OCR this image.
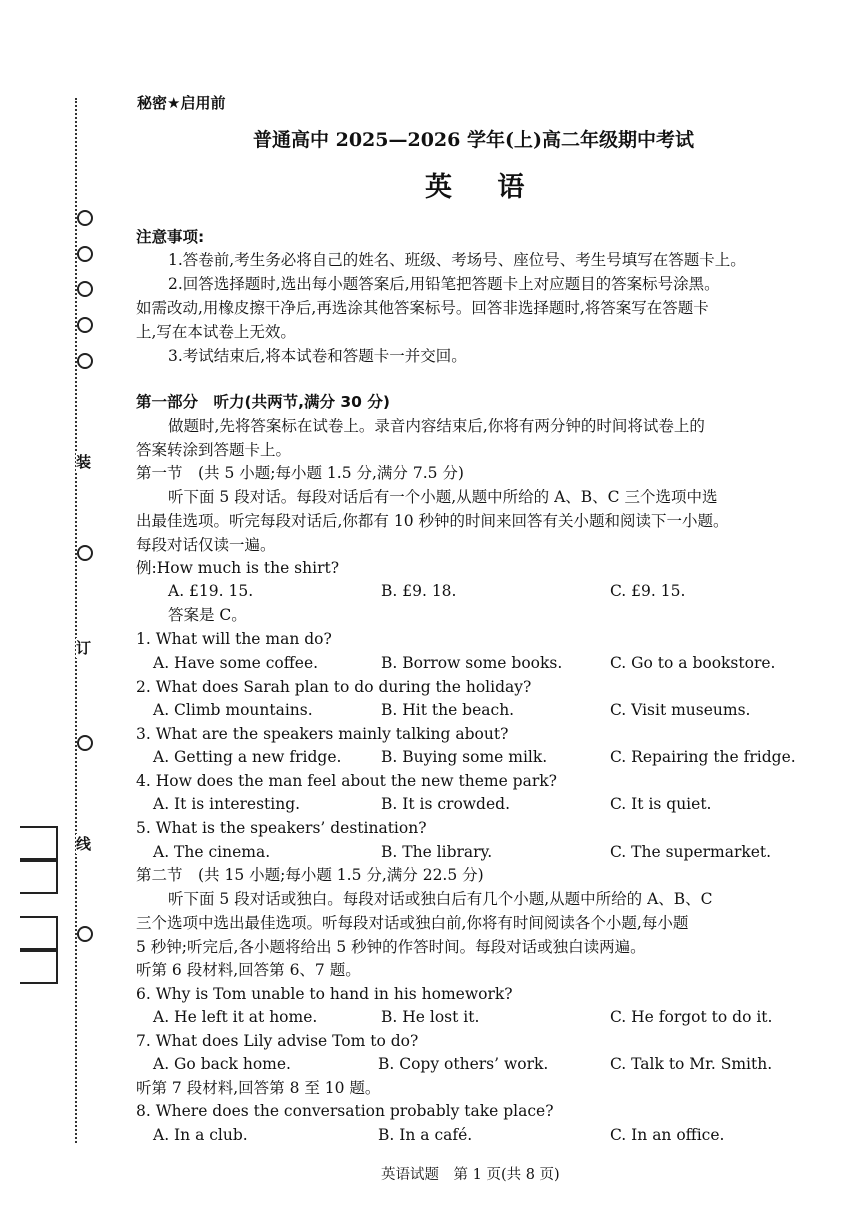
装
订
线
秘密★启用前
普通高中 2025—2026 学年(上)高二年级期中考试
英 语
注意事项:
1.答卷前,考生务必将自己的姓名、班级、考场号、座位号、考生号填写在答题卡上。
2.回答选择题时,选出每小题答案后,用铅笔把答题卡上对应题目的答案标号涂黑。
如需改动,用橡皮擦干净后,再选涂其他答案标号。回答非选择题时,将答案写在答题卡
上,写在本试卷上无效。
3.考试结束后,将本试卷和答题卡一并交回。
第一部分　听力(共两节,满分 30 分)
做题时,先将答案标在试卷上。录音内容结束后,你将有两分钟的时间将试卷上的
答案转涂到答题卡上。
第一节　(共 5 小题;每小题 1.5 分,满分 7.5 分)
听下面 5 段对话。每段对话后有一个小题,从题中所给的 A、B、C 三个选项中选
出最佳选项。听完每段对话后,你都有 10 秒钟的时间来回答有关小题和阅读下一小题。
每段对话仅读一遍。
例:How much is the shirt?
A. £19. 15.	B. £9. 18.	C. £9. 15.
答案是 C。
1. What will the man do?
A. Have some coffee.	B. Borrow some books.	C. Go to a bookstore.
2. What does Sarah plan to do during the holiday?
A. Climb mountains.	B. Hit the beach.	C. Visit museums.
3. What are the speakers mainly talking about?
A. Getting a new fridge.	B. Buying some milk.	C. Repairing the fridge.
4. How does the man feel about the new theme park?
A. It is interesting.	B. It is crowded.	C. It is quiet.
5. What is the speakers’ destination?
A. The cinema.	B. The library.	C. The supermarket.
第二节　(共 15 小题;每小题 1.5 分,满分 22.5 分)
听下面 5 段对话或独白。每段对话或独白后有几个小题,从题中所给的 A、B、C
三个选项中选出最佳选项。听每段对话或独白前,你将有时间阅读各个小题,每小题
5 秒钟;听完后,各小题将给出 5 秒钟的作答时间。每段对话或独白读两遍。
听第 6 段材料,回答第 6、7 题。
6. Why is Tom unable to hand in his homework?
A. He left it at home.	B. He lost it.	C. He forgot to do it.
7. What does Lily advise Tom to do?
A. Go back home.	B. Copy others’ work.	C. Talk to Mr. Smith.
听第 7 段材料,回答第 8 至 10 题。
8. Where does the conversation probably take place?
A. In a club.	B. In a café.	C. In an office.
英语试题　第 1 页(共 8 页)
